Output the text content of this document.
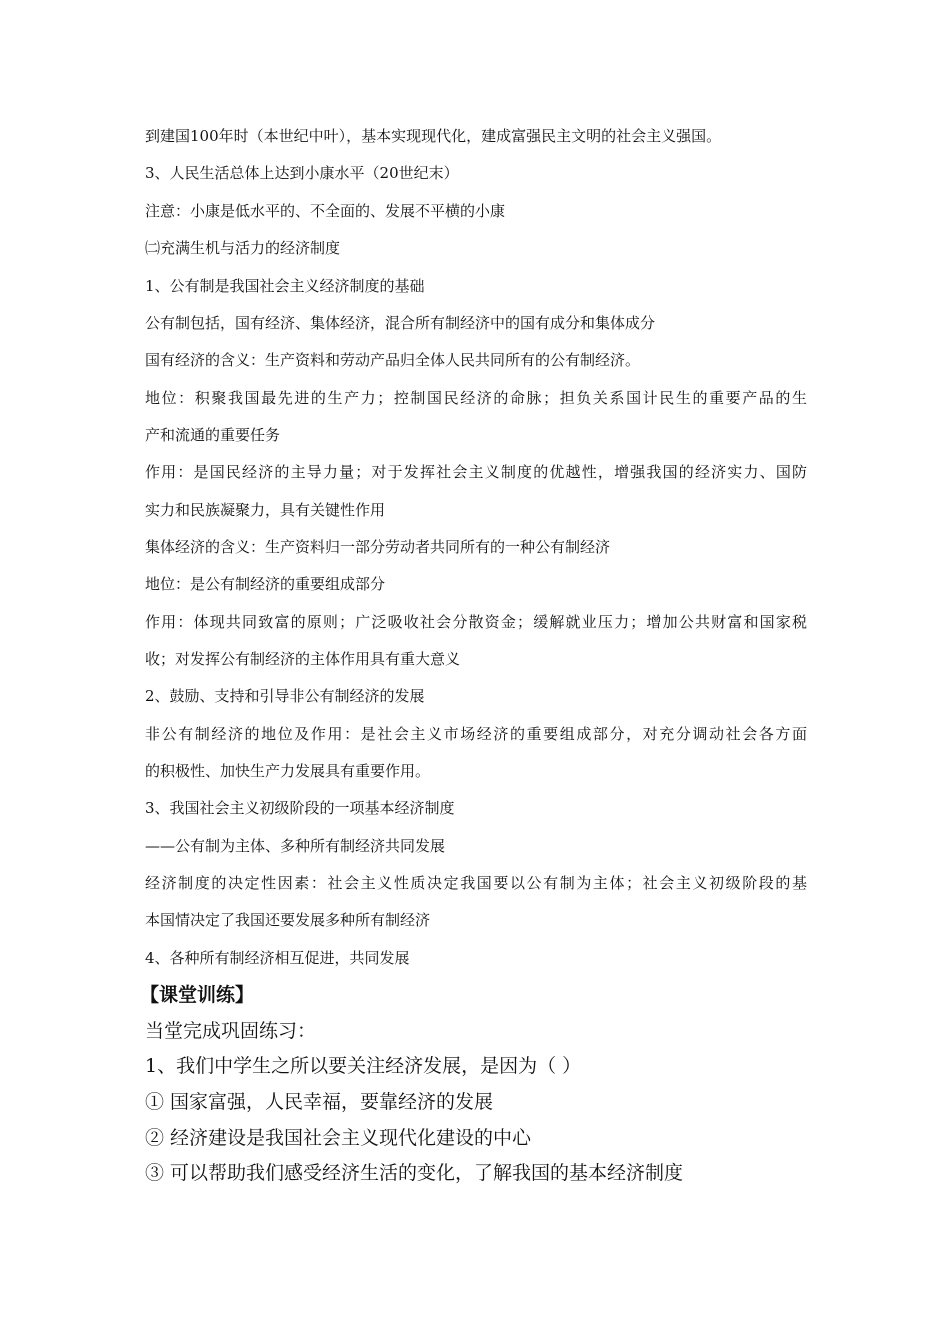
到建国100年时（本世纪中叶），基本实现现代化，建成富强民主文明的社会主义强国。

3、人民生活总体上达到小康水平（20世纪末）

注意：小康是低水平的、不全面的、发展不平横的小康

㈡充满生机与活力的经济制度

1、公有制是我国社会主义经济制度的基础

公有制包括，国有经济、集体经济，混合所有制经济中的国有成分和集体成分

国有经济的含义：生产资料和劳动产品归全体人民共同所有的公有制经济。

地位：积聚我国最先进的生产力；控制国民经济的命脉；担负关系国计民生的重要产品的生

产和流通的重要任务

作用：是国民经济的主导力量；对于发挥社会主义制度的优越性，增强我国的经济实力、国防

实力和民族凝聚力，具有关键性作用

集体经济的含义：生产资料归一部分劳动者共同所有的一种公有制经济

地位：是公有制经济的重要组成部分

作用：体现共同致富的原则；广泛吸收社会分散资金；缓解就业压力；增加公共财富和国家税

收；对发挥公有制经济的主体作用具有重大意义

2、鼓励、支持和引导非公有制经济的发展

非公有制经济的地位及作用：是社会主义市场经济的重要组成部分，对充分调动社会各方面

的积极性、加快生产力发展具有重要作用。

3、我国社会主义初级阶段的一项基本经济制度

——公有制为主体、多种所有制经济共同发展

经济制度的决定性因素：社会主义性质决定我国要以公有制为主体；社会主义初级阶段的基

本国情决定了我国还要发展多种所有制经济

4、各种所有制经济相互促进，共同发展

【课堂训练】

当堂完成巩固练习：

1、我们中学生之所以要关注经济发展，是因为（ ）

① 国家富强，人民幸福，要靠经济的发展

② 经济建设是我国社会主义现代化建设的中心

③ 可以帮助我们感受经济生活的变化，了解我国的基本经济制度
